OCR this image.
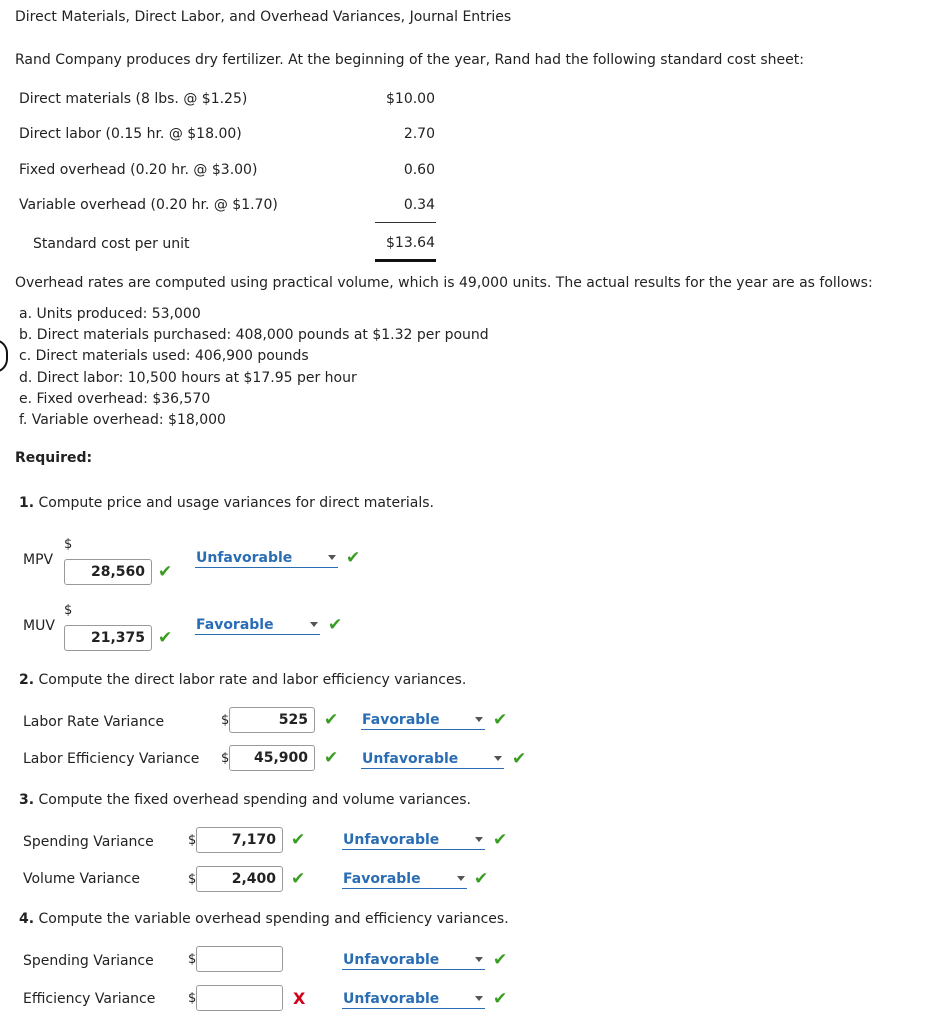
Direct Materials, Direct Labor, and Overhead Variances, Journal Entries
Rand Company produces dry fertilizer. At the beginning of the year, Rand had the following standard cost sheet:
Direct materials (8 lbs. @ $1.25)	$10.00
Direct labor (0.15 hr. @ $18.00)	2.70
Fixed overhead (0.20 hr. @ $3.00)	0.60
Variable overhead (0.20 hr. @ $1.70)	0.34
Standard cost per unit	$13.64
Overhead rates are computed using practical volume, which is 49,000 units. The actual results for the year are as follows:
a. Units produced: 53,000
b. Direct materials purchased: 408,000 pounds at $1.32 per pound
c. Direct materials used: 406,900 pounds
d. Direct labor: 10,500 hours at $17.95 per hour
e. Fixed overhead: $36,570
f. Variable overhead: $18,000
Required:
1. Compute price and usage variances for direct materials.
MPV
$
28,560 ✔
Unfavorable	✔
MUV
$
21,375 ✔
Favorable	✔
2. Compute the direct labor rate and labor efficiency variances.
Labor Rate Variance	$	525 ✔ Favorable	✔
Labor Efficiency Variance $	45,900 ✔ Unfavorable	✔
3. Compute the fixed overhead spending and volume variances.
Spending Variance	$	7,170 ✔	Unfavorable	✔
Volume Variance	$	2,400 ✔	Favorable	✔
4. Compute the variable overhead spending and efficiency variances.
Spending Variance	$	Unfavorable	✔
Efficiency Variance	$	X	Unfavorable	✔
